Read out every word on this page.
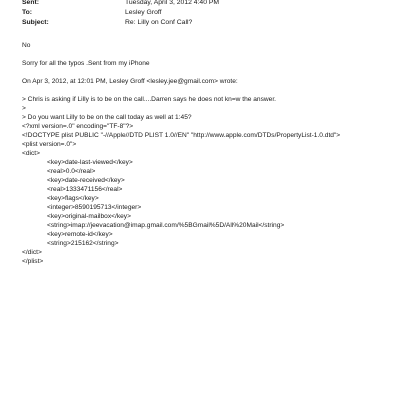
Sent:	Tuesday, April 3, 2012 4:40 PM
To:	Lesley Groff
Subject:	Re: Lilly on Conf Call?
No
Sorry for all the typos .Sent from my iPhone
On Apr 3, 2012, at 12:01 PM, Lesley Groff <lesley.jee@gmail.com> wrote:
> Chris is asking if Lilly is to be on the call....Darren says he does not kn=w the answer.
>
> Do you want Lilly to be on the call today as well at 1:45?
<?xml version=.0" encoding="TF-8"?>
<!DOCTYPE plist PUBLIC "-//Apple//DTD PLIST 1.0//EN" "http://www.apple.com/DTDs/PropertyList-1.0.dtd">
<plist version=.0">
<dict>
<key>date-last-viewed</key>
<real>0.0</real>
<key>date-received</key>
<real>1333471156</real>
<key>flags</key>
<integer>8590195713</integer>
<key>original-mailbox</key>
<string>imap://jeevacation@imap.gmail.com/%5BGmail%5D/All%20Mail</string>
<key>remote-id</key>
<string>215162</string>
</dict>
</plist>
